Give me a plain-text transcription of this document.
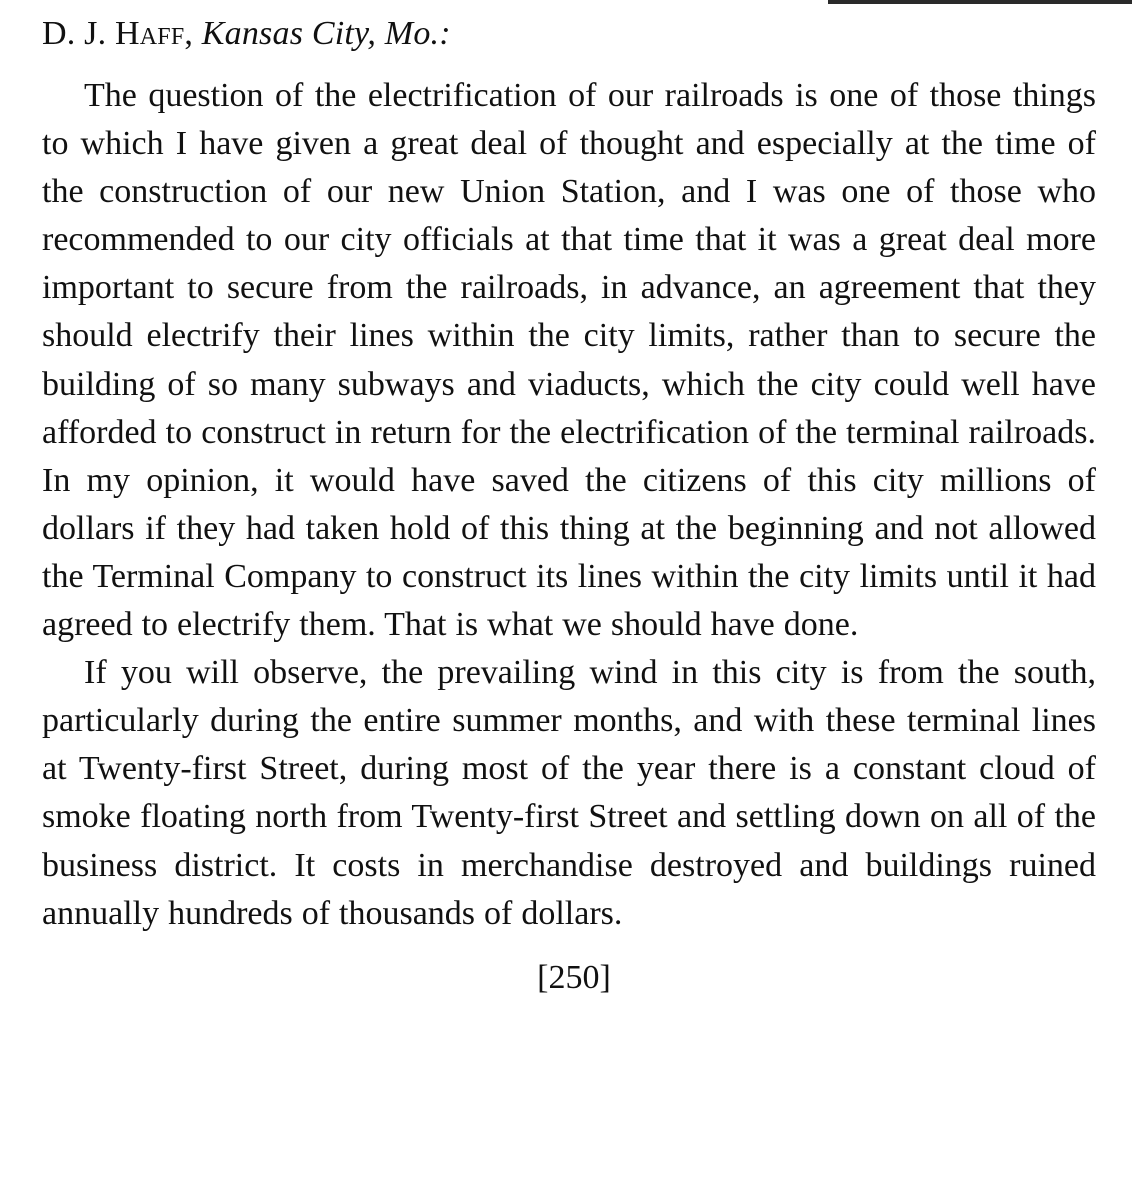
D. J. Haff, Kansas City, Mo.:

The question of the electrification of our railroads is one of those things to which I have given a great deal of thought and especially at the time of the construction of our new Union Station, and I was one of those who recommended to our city officials at that time that it was a great deal more important to secure from the railroads, in advance, an agreement that they should electrify their lines within the city limits, rather than to secure the building of so many subways and viaducts, which the city could well have afforded to construct in return for the electrification of the terminal railroads. In my opinion, it would have saved the citizens of this city millions of dollars if they had taken hold of this thing at the beginning and not allowed the Terminal Company to construct its lines within the city limits until it had agreed to electrify them. That is what we should have done.

If you will observe, the prevailing wind in this city is from the south, particularly during the entire summer months, and with these terminal lines at Twenty-first Street, during most of the year there is a constant cloud of smoke floating north from Twenty-first Street and settling down on all of the business district. It costs in merchandise destroyed and buildings ruined annually hundreds of thousands of dollars.

[250]
